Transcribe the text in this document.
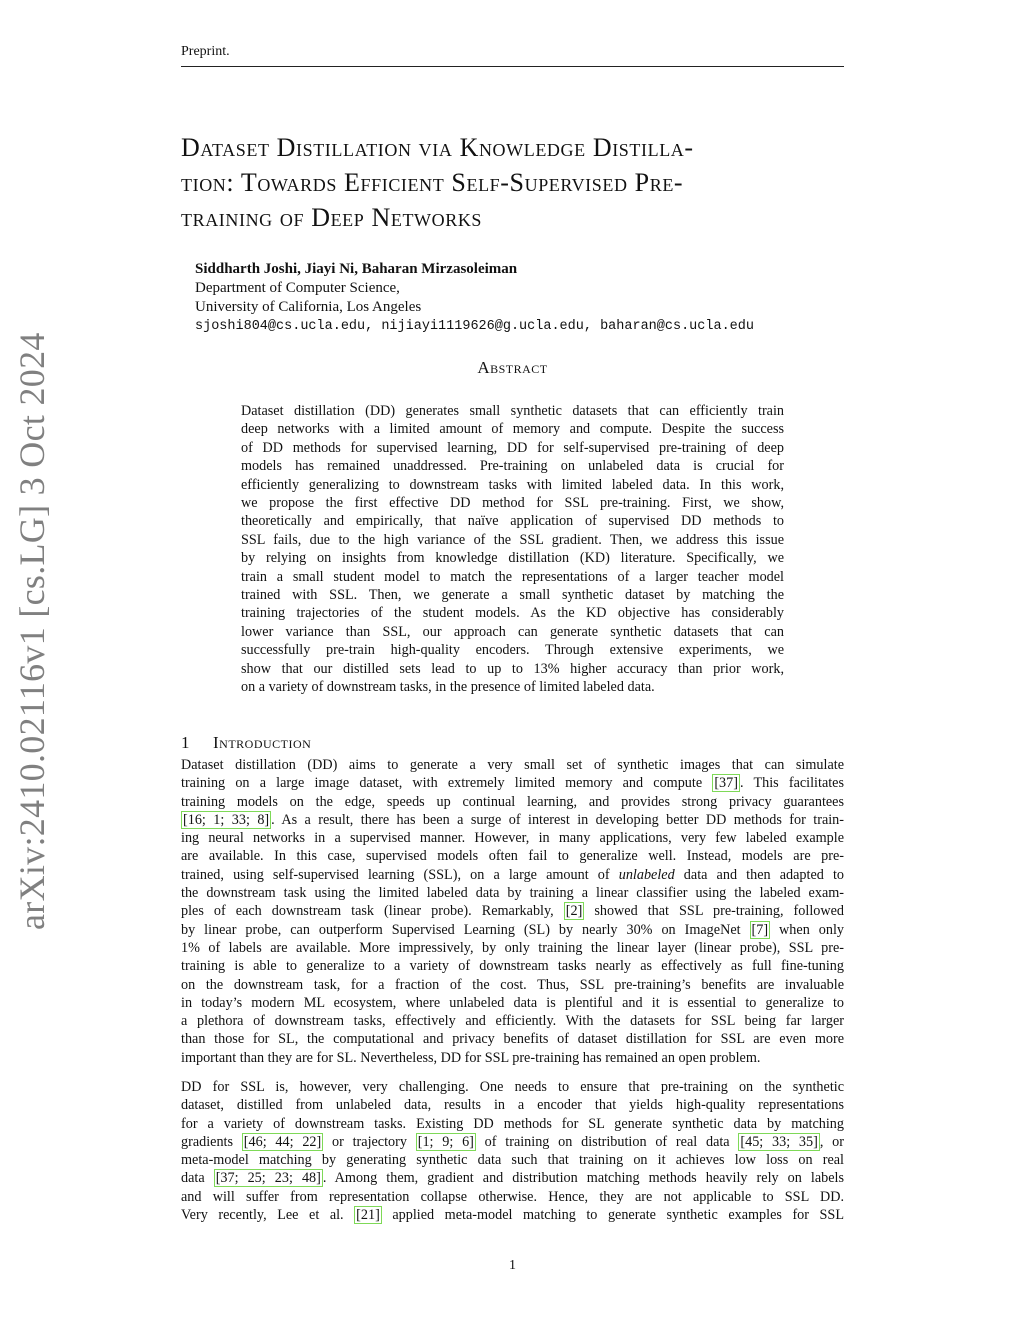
Preprint.
Dataset Distillation via Knowledge Distilla-
tion: Towards Efficient Self-Supervised Pre-
training of Deep Networks
Siddharth Joshi, Jiayi Ni, Baharan Mirzasoleiman
Department of Computer Science,
University of California, Los Angeles
sjoshi804@cs.ucla.edu, nijiayi1119626@g.ucla.edu, baharan@cs.ucla.edu
Abstract
Dataset distillation (DD) generates small synthetic datasets that can efficiently train
deep networks with a limited amount of memory and compute. Despite the success
of DD methods for supervised learning, DD for self-supervised pre-training of deep
models has remained unaddressed. Pre-training on unlabeled data is crucial for
efficiently generalizing to downstream tasks with limited labeled data. In this work,
we propose the first effective DD method for SSL pre-training. First, we show,
theoretically and empirically, that naïve application of supervised DD methods to
SSL fails, due to the high variance of the SSL gradient. Then, we address this issue
by relying on insights from knowledge distillation (KD) literature. Specifically, we
train a small student model to match the representations of a larger teacher model
trained with SSL. Then, we generate a small synthetic dataset by matching the
training trajectories of the student models. As the KD objective has considerably
lower variance than SSL, our approach can generate synthetic datasets that can
successfully pre-train high-quality encoders. Through extensive experiments, we
show that our distilled sets lead to up to 13% higher accuracy than prior work,
on a variety of downstream tasks, in the presence of limited labeled data.
arXiv:2410.02116v1 [cs.LG] 3 Oct 2024	1 Introduction
Dataset distillation (DD) aims to generate a very small set of synthetic images that can simulate
training on a large image dataset, with extremely limited memory and compute [37] . This facilitates
training models on the edge, speeds up continual learning, and provides strong privacy guarantees
[16; 1; 33; 8] . As a result, there has been a surge of interest in developing better DD methods for train-
ing neural networks in a supervised manner. However, in many applications, very few labeled example
are available. In this case, supervised models often fail to generalize well. Instead, models are pre-
trained, using self-supervised learning (SSL), on a large amount of unlabeled data and then adapted to
the downstream task using the limited labeled data by training a linear classifier using the labeled exam-
ples of each downstream task (linear probe). Remarkably, [2] showed that SSL pre-training, followed
by linear probe, can outperform Supervised Learning (SL) by nearly 30% on ImageNet [7] when only
1% of labels are available. More impressively, by only training the linear layer (linear probe), SSL pre-
training is able to generalize to a variety of downstream tasks nearly as effectively as full fine-tuning
on the downstream task, for a fraction of the cost. Thus, SSL pre-training’s benefits are invaluable
in today’s modern ML ecosystem, where unlabeled data is plentiful and it is essential to generalize to
a plethora of downstream tasks, effectively and efficiently. With the datasets for SSL being far larger
than those for SL, the computational and privacy benefits of dataset distillation for SSL are even more
important than they are for SL. Nevertheless, DD for SSL pre-training has remained an open problem.
DD for SSL is, however, very challenging. One needs to ensure that pre-training on the synthetic
dataset, distilled from unlabeled data, results in a encoder that yields high-quality representations
for a variety of downstream tasks. Existing DD methods for SL generate synthetic data by matching
gradients [46; 44; 22] or trajectory [1; 9; 6] of training on distribution of real data [45; 33; 35] , or
meta-model matching by generating synthetic data such that training on it achieves low loss on real
data [37; 25; 23; 48] . Among them, gradient and distribution matching methods heavily rely on labels
and will suffer from representation collapse otherwise. Hence, they are not applicable to SSL DD.
Very recently, Lee et al. [21] applied meta-model matching to generate synthetic examples for SSL
1
